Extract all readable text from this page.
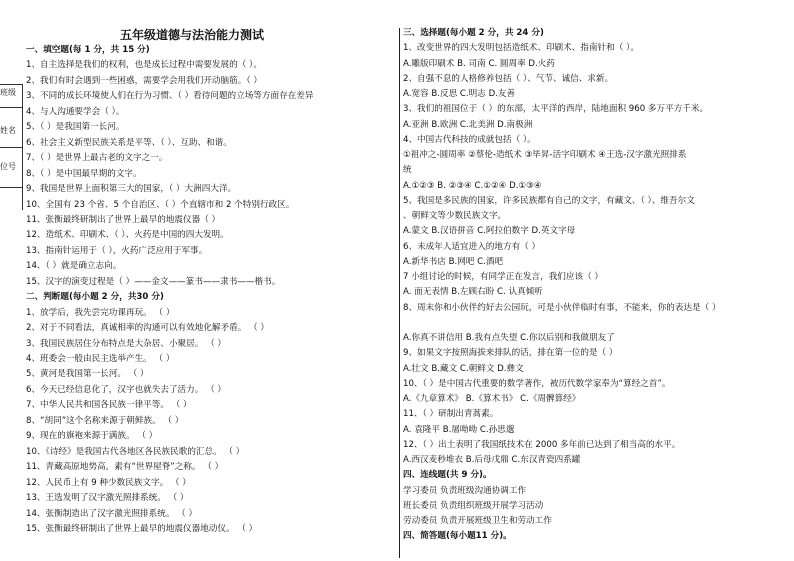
五年级道德与法治能力测试
班级
姓名
位号
一、填空题(每 1 分，共 15 分)
1、自主选择是我们的权利，也是成长过程中需要发展的（ ）。
2、我们有时会遇到一些困惑，需要学会用我们开动脑筋。（ ）
3、不同的成长环境使人们在行为习惯、（ ）看待问题的立场等方面存在差异
4、与人沟通要学会（ ）。
5、（ ）是我国第一长河。
6、社会主义新型民族关系是平等、（ ）、互助、和谐。
7、（ ）是世界上最古老的文字之一。
8、（ ）是中国最早期的文字。
9、我国是世界上面积第三大的国家，（ ）大洲四大洋。
10、全国有 23 个省、5 个自治区、（ ）个直辖市和 2 个特别行政区。
11、张衡最终研制出了世界上最早的地震仪器（ ）
12、造纸术、印刷术、（ ）、火药是中国的四大发明。
13、指南针运用于（ ），火药广泛应用于军事。
14、（ ）就是确立志向。
15、汉字的演变过程是（ ）——金文——篆书——隶书——楷书。
二、判断题(每小题 2 分，共30 分)
1、放学后，我先尝完功课再玩。 （ ）
2、对于不同看法，真诚相率的沟通可以有效地化解矛盾。 （ ）
3、我国民族居住分布特点是大杂居、小聚居。 （ ）
4、班委会一般由民主选举产生。 （ ）
5、黄河是我国第一长河。 （ ）
6、今天已经信息化了，汉字也就失去了活力。 （ ）
7、中华人民共和国各民族一律平等。 （ ）
8、“胡同”这个名称来源于朝鲜族。 （ ）
9、现在的旗袍来源于满族。 （ ）
10、《诗经》是我国古代各地区各民族民歌的汇总。 （ ）
11、青藏高原地势高，素有“世界屋脊”之称。 （ ）
12、人民币上有 9 种少数民族文字。 （ ）
13、王选发明了汉字激光照排系统。 （ ）
14、张衡制造出了汉字激光照排系统。 （ ）
15、张衡最终研制出了世界上最早的地震仪器地动仪。 （ ）
三、选择题(每小题 2 分，共 24 分)
1、改变世界的四大发明包括造纸术、印刷术、指南针和（ ）。
A.雕版印刷术 B. 司南 C. 圆周率 D.火药
2、自强不息的人格修养包括（ ）、气节、诚信、求新。
A.宽容 B.反思 C.明志 D.友善
3、我们的祖国位于（ ）的东部，太平洋的西岸，陆地面积 960 多万平方千米。
A.亚洲 B.欧洲 C.北美洲 D.南极洲
4、中国古代科技的成就包括（ ）。
①祖冲之-圆周率 ②蔡伦-造纸术 ③毕昇-活字印刷术 ④王选-汉字激光照排系
统
A.①②③ B. ②③④ C.①②④ D.①③④
5、我国是多民族的国家，许多民族都有自己的文字，有藏文、（ ）、维吾尔文
、朝鲜文等少数民族文字。
A.蒙文 B.汉语拼音 C.阿拉伯数字 D.英文字母
6、未成年人适宜进入的地方有（ ）
A.新华书店 B.网吧 C.酒吧
7 小组讨论的时候，有同学正在发言，我们应该（ ）
A. 面无表情 B.左顾右盼 C. 认真倾听
8、周末你和小伙伴约好去公园玩，可是小伙伴临时有事，不能来，你的表达是（ ）
A.你真不讲信用 B.我有点失望 C.你以后别和我做朋友了
9、如果文字按照海拔来排队的话，排在第一位的是（ ）
A.壮文 B.藏文 C.朝鲜文 D.彝文
10、（ ）是中国古代重要的数学著作，被历代数学家奉为“算经之首”。
A.《九章算术》 B.《算术书》 C.《周髀算经》
11、（ ）研制出青蒿素。
A. 袁隆平 B.屠呦呦 C.孙思邈
12、（ ）出土表明了我国纸技术在 2000 多年前已达到了相当高的水平。
A.西汉麦秒堆衣 B.后母戊鼎 C.东汉青瓷四系罐
四、连线题(共 9 分)。
学习委员 负责班级沟通协调工作
班长委员 负责组织班级开展学习活动
劳动委员 负责开展班级卫生和劳动工作
四、简答题(每小题11 分)。
